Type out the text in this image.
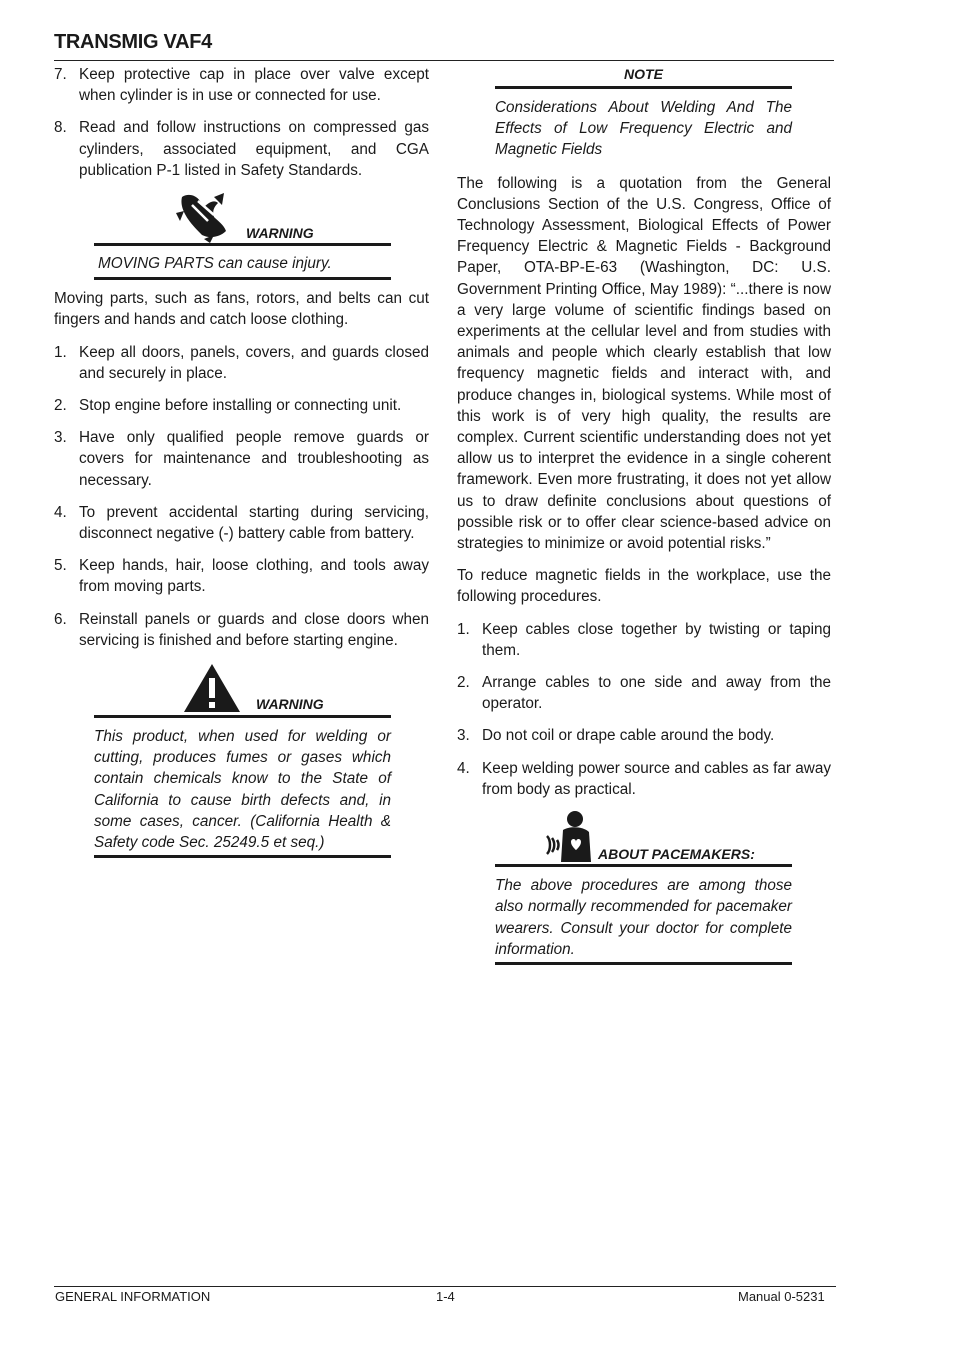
TRANSMIG VAF4
7. Keep protective cap in place over valve except when cylinder is in use or connected for use.
8. Read and follow instructions on compressed gas cylinders, associated equipment, and CGA publication P-1 listed in Safety Standards.
WARNING
MOVING PARTS can cause injury.

Moving parts, such as fans, rotors, and belts can cut fingers and hands and catch loose clothing.

1. Keep all doors, panels, covers, and guards closed and securely in place.
2. Stop engine before installing or connecting unit.
3. Have only qualified people remove guards or covers for maintenance and troubleshooting as necessary.
4. To prevent accidental starting during servicing, disconnect negative (-) battery cable from battery.
5. Keep hands, hair, loose clothing, and tools away from moving parts.
6. Reinstall panels or guards and close doors when servicing is finished and before starting engine.
WARNING
This product, when used for welding or cutting, produces fumes or gases which contain chemicals know to the State of California to cause birth defects and, in some cases, cancer. (California Health & Safety code Sec. 25249.5 et seq.)
NOTE
Considerations About Welding And The Effects of Low Frequency Electric and Magnetic Fields

The following is a quotation from the General Conclusions Section of the U.S. Congress, Office of Technology Assessment, Biological Effects of Power Frequency Electric & Magnetic Fields - Background Paper, OTA-BP-E-63 (Washington, DC: U.S. Government Printing Office, May 1989): “...there is now a very large volume of scientific findings based on experiments at the cellular level and from studies with animals and people which clearly establish that low frequency magnetic fields and interact with, and produce changes in, biological systems. While most of this work is of very high quality, the results are complex. Current scientific understanding does not yet allow us to interpret the evidence in a single coherent framework. Even more frustrating, it does not yet allow us to draw definite conclusions about questions of possible risk or to offer clear science-based advice on strategies to minimize or avoid potential risks.”

To reduce magnetic fields in the workplace, use the following procedures.

1. Keep cables close together by twisting or taping them.
2. Arrange cables to one side and away from the operator.
3. Do not coil or drape cable around the body.
4. Keep welding power source and cables as far away from body as practical.
ABOUT PACEMAKERS:
The above procedures are among those also normally recommended for pacemaker wearers. Consult your doctor for complete information.
GENERAL INFORMATION	1-4	Manual 0-5231
